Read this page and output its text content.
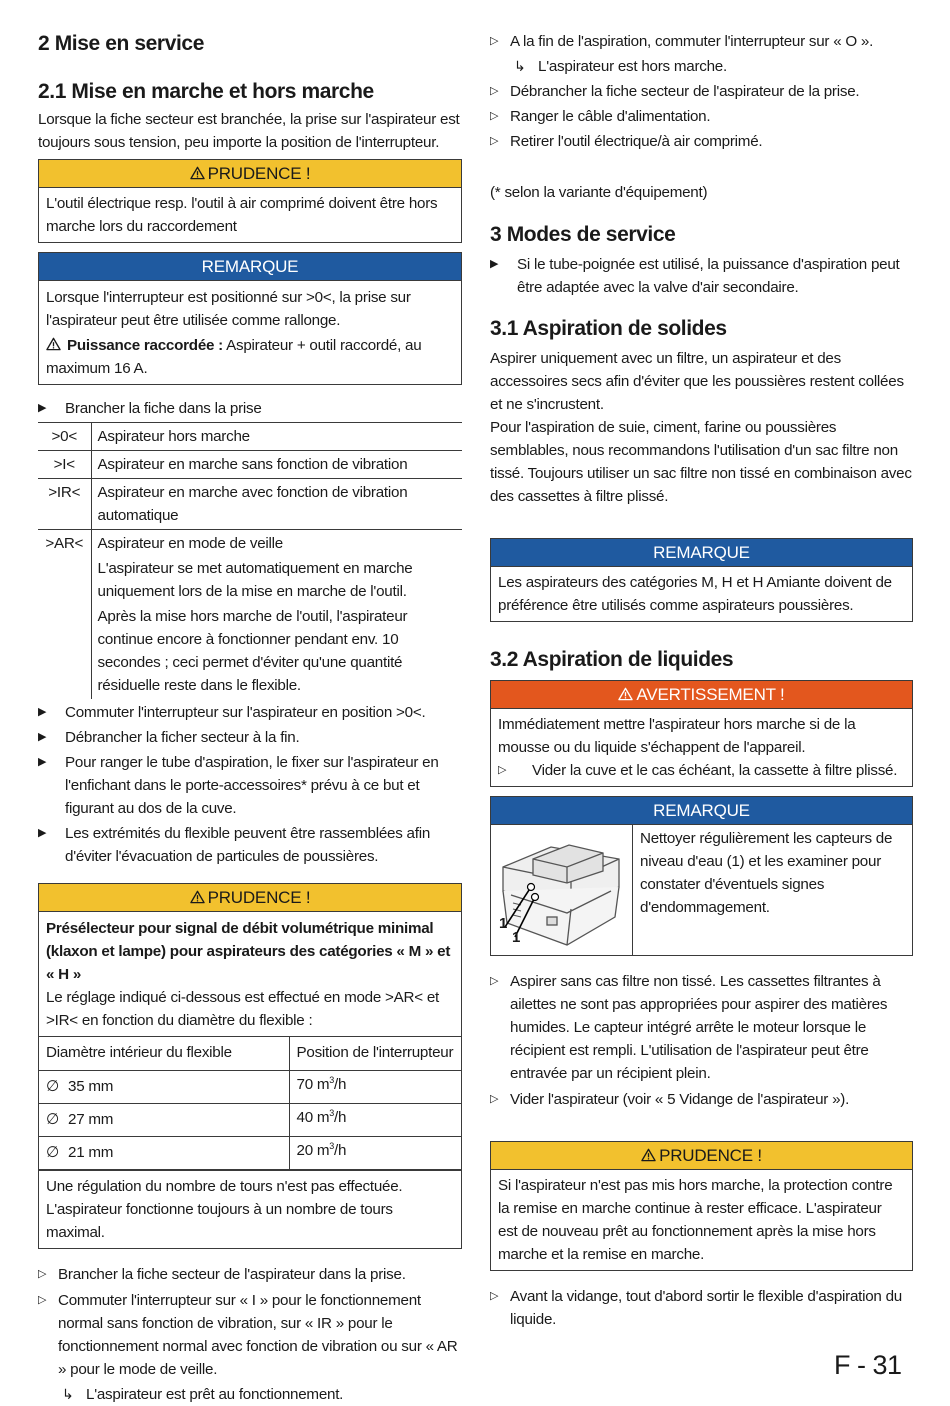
2 Mise en service
2.1 Mise en marche et hors marche

Lorsque la fiche secteur est branchée, la prise sur l'aspirateur est toujours sous tension, peu importe la position de l'interrupteur.

PRUDENCE !
L'outil électrique resp. l'outil à air comprimé doivent être hors marche lors du raccordement
REMARQUE

Lorsque l'interrupteur est positionné sur >0<, la prise sur l'aspirateur peut être utilisée comme rallonge.

Puissance raccordée : Aspirateur + outil raccordé, au maximum 16 A.

▶ Brancher la fiche dans la prise
>0<	Aspirateur hors marche
>I<	Aspirateur en marche sans fonction de vibration
>IR<	Aspirateur en marche avec fonction de vibration automatique
>AR<	Aspirateur en mode de veille

L'aspirateur se met automatiquement en marche uniquement lors de la mise en marche de l'outil.

Après la mise hors marche de l'outil, l'aspirateur continue encore à fonctionner pendant env. 10 secondes ; ceci permet d'éviter qu'une quantité résiduelle reste dans le flexible.

▶ Commuter l'interrupteur sur l'aspirateur en position >0<.
▶ Débrancher la ficher secteur à la fin.
▶ Pour ranger le tube d'aspiration, le fixer sur l'aspirateur en l'enfichant dans le porte-accessoires* prévu à ce but et figurant au dos de la cuve.
▶ Les extrémités du flexible peuvent être rassemblées afin d'éviter l'évacuation de particules de poussières.
PRUDENCE !

Présélecteur pour signal de débit volumétrique minimal (klaxon et lampe) pour aspirateurs des catégories « M » et « H »

Le réglage indiqué ci-dessous est effectué en mode >AR< et >IR< en fonction du diamètre du flexible :

Diamètre intérieur du flexible	Position de l'interrupteur
∅ 35 mm	70 $m^3/h$
∅ 27 mm	40 $m^3/h$
∅ 21 mm	20 $m^3/h$
Une régulation du nombre de tours n'est pas effectuée. L'aspirateur fonctionne toujours à un nombre de tours maximal.
▷ Brancher la fiche secteur de l'aspirateur dans la prise.
▷ Commuter l'interrupteur sur « I » pour le fonctionnement normal sans fonction de vibration, sur « IR » pour le fonctionnement normal avec fonction de vibration ou sur « AR » pour le mode de veille.
↳ L'aspirateur est prêt au fonctionnement.
▷ A la fin de l'aspiration, commuter l'interrupteur sur « O ».
↳ L'aspirateur est hors marche.
▷ Débrancher la fiche secteur de l'aspirateur de la prise.
▷ Ranger le câble d'alimentation.
▷ Retirer l'outil électrique/à air comprimé.

(* selon la variante d'équipement)

3 Modes de service
▶ Si le tube-poignée est utilisé, la puissance d'aspiration peut être adaptée avec la valve d'air secondaire.
3.1 Aspiration de solides

Aspirer uniquement avec un filtre, un aspirateur et des accessoires secs afin d'éviter que les poussières restent collées et ne s'incrustent.

Pour l'aspiration de suie, ciment, farine ou poussières semblables, nous recommandons l'utilisation d'un sac filtre non tissé. Toujours utiliser un sac filtre non tissé en combinaison avec des cassettes à filtre plissé.

REMARQUE
Les aspirateurs des catégories M, H et H Amiante doivent de préférence être utilisés comme aspirateurs poussières.
3.2 Aspiration de liquides
AVERTISSEMENT !

Immédiatement mettre l'aspirateur hors marche si de la mousse ou du liquide s'échappent de l'appareil.

▷ Vider la cuve et le cas échéant, la cassette à filtre plissé.
REMARQUE
1
1
Nettoyer régulièrement les capteurs de niveau d'eau (1) et les examiner pour constater d'éventuels signes d'endommagement.
▷ Aspirer sans cas filtre non tissé. Les cassettes filtrantes à ailettes ne sont pas appropriées pour aspirer des matières humides. Le capteur intégré arrête le moteur lorsque le récipient est rempli. L'utilisation de l'aspirateur peut être entravée par un récipient plein.
▷ Vider l'aspirateur (voir « 5 Vidange de l'aspirateur »).
PRUDENCE !
Si l'aspirateur n'est pas mis hors marche, la protection contre la remise en marche continue à rester efficace. L'aspirateur est de nouveau prêt au fonctionnement après la mise hors marche et la remise en marche.
▷ Avant la vidange, tout d'abord sortir le flexible d'aspiration du liquide.
F - 31
